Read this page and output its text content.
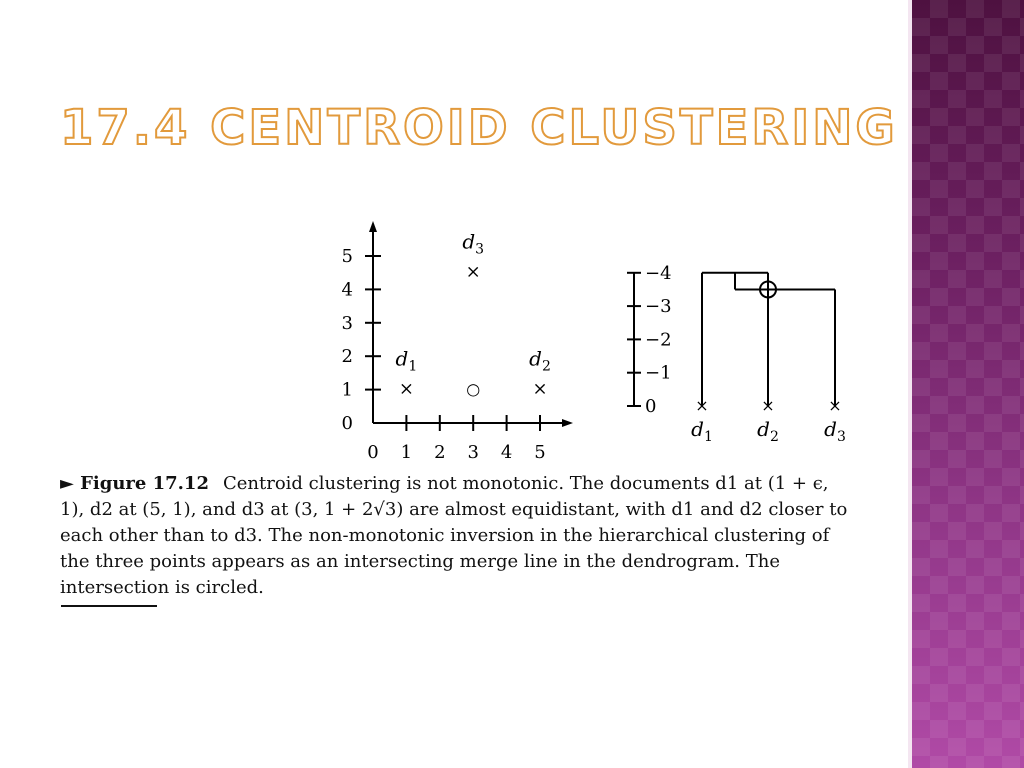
17.4 CENTROID CLUSTERING
0 1 2 3 4 5
0
1
2
3
4
5
×
$d_1$
×
$d_2$
×
$d_3$
○
0
−1
−2
−3
−4
×
$d_1$
×
$d_2$
×
$d_3$

► Figure 17.12 Centroid clustering is not monotonic. The documents d1 at (1 + ϵ, 1), d2 at (5, 1), and d3 at (3, 1 + 2√3) are almost equidistant, with d1 and d2 closer to each other than to d3. The non-monotonic inversion in the hierarchical clustering of the three points appears as an intersecting merge line in the dendrogram. The intersection is circled.
